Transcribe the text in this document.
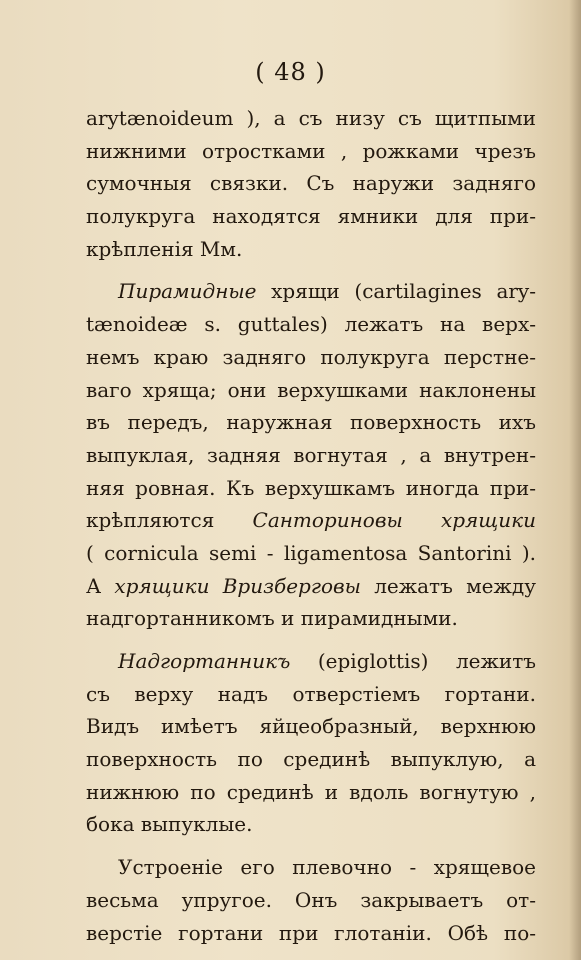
( 48 )
arytænoideum ), а съ низу съ щитпыми
нижними отростками , рожками чрезъ
сумочныя связки. Съ наружи задняго
полукруга находятся ямники для при-
крѣпленія Мм.
Пирамидные хрящи (cartilagines ary-
tænoideæ s. guttales) лежатъ на верх-
немъ краю задняго полукруга перстне-
ваго хряща; они верхушками наклонены
въ передъ, наружная поверхность ихъ
выпуклая, задняя вогнутая , а внутрен-
няя ровная. Къ верхушкамъ иногда при-
крѣпляются Санториновы хрящики
( cornicula semi - ligamentosa Santorini ).
А хрящики Вризберговы лежатъ между
надгортанникомъ и пирамидными.
Надгортанникъ (epiglottis) лежитъ
съ верху надъ отверстіемъ гортани.
Видъ имѣетъ яйцеобразный, верхнюю
поверхность по срединѣ выпуклую, а
нижнюю по срединѣ и вдоль вогнутую ,
бока выпуклые.
Устроеніе его плевочно - хрящевое
весьма упругое. Онъ закрываетъ от-
верстіе гортани при глотаніи. Обѣ по-
